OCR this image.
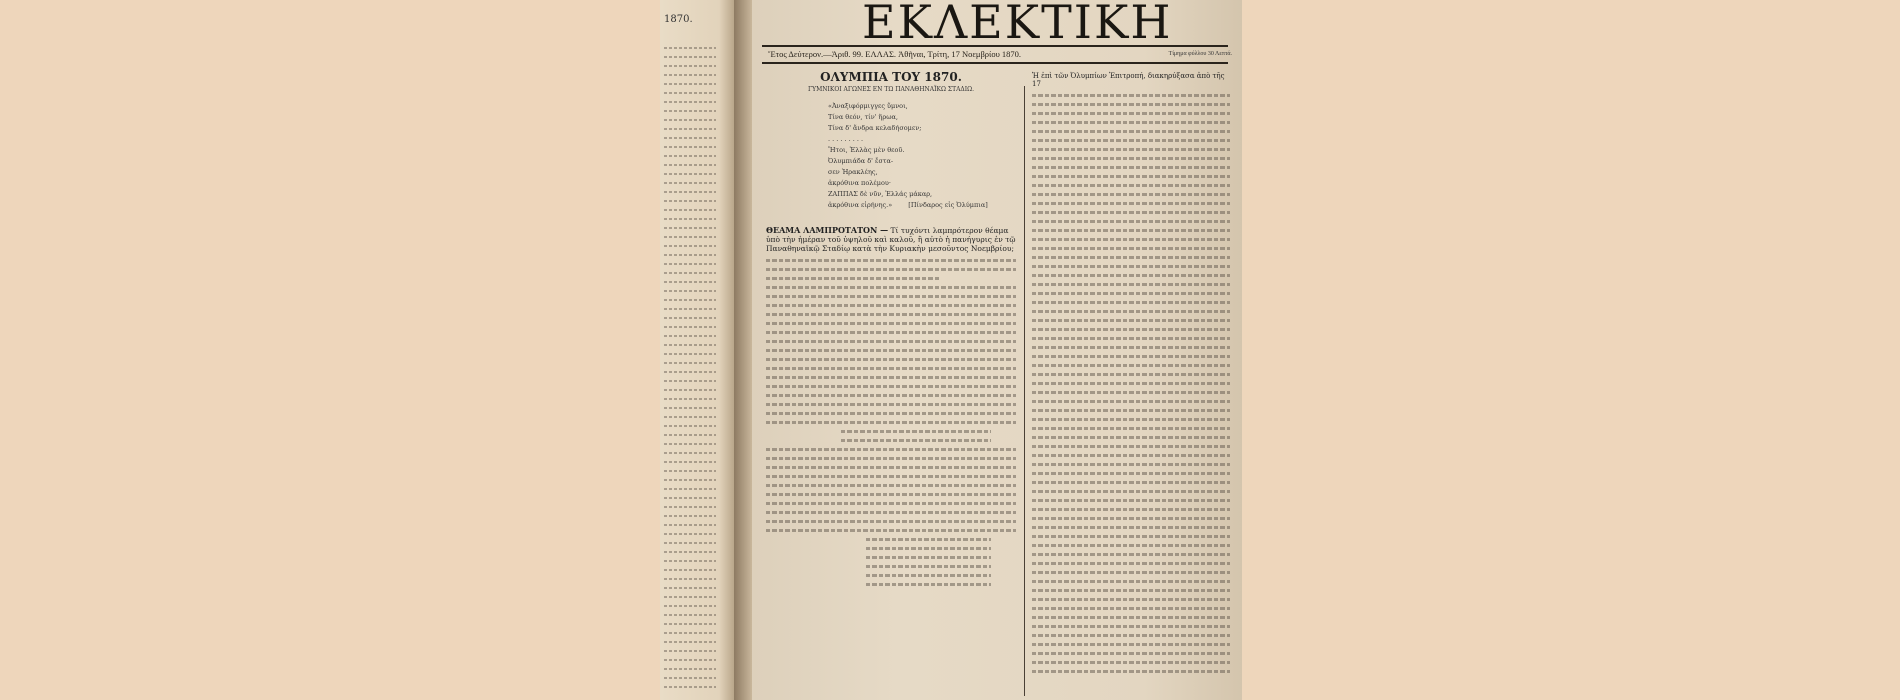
1870.	ΕΚΛΕΚΤΙΚΗ
Ἔτος Δεύτερον.—Ἀριθ. 99. ΕΛΛΑΣ. Ἀθῆναι, Τρίτη, 17 Νοεμβρίου 1870.	Τίμημα φύλλου 30 Λεπτά.
ΟΛΥΜΠΙΑ ΤΟΥ 1870.
ΓΥΜΝΙΚΟΙ ΑΓΩΝΕΣ ΕΝ ΤΩ ΠΑΝΑΘΗΝΑΪΚΩ ΣΤΑΔΙΩ.
«Ἀναξιφόρμιγγες ὕμνοι,
Τίνα θεόν, τίν' ἥρωα,
Τίνα δ' ἄνδρα κελαδήσομεν;
. . . . . . . . .
Ἤτοι, Ἑλλὰς μὲν θεοῦ.
Ὀλυμπιάδα δ' ἔστα-
σεν Ἡρακλέης,
ἀκρόθινα πολέμου·
ΖΑΠΠΑΣ δὲ νῦν, Ἑλλάς μάκαρ,
ἀκρόθινα εἰρήνης.» [Πίνδαρος εἰς Ὀλύμπια]
ΘΕΑΜΑ ΛΑΜΠΡΟΤΑΤΟΝ — Τί τυχόντι λαμπρότερον θέαμα ὑπὸ τὴν ἡμέραν τοῦ ὑψηλοῦ καὶ καλοῦ, ἢ αὐτὸ ἡ πανήγυρις ἐν τῷ Παναθηναϊκῷ Σταδίῳ κατὰ τὴν Κυριακὴν μεσοῦντος Νοεμβρίου;
Ἡ ἐπὶ τῶν Ὀλυμπίων Ἐπιτροπή, διακηρύξασα ἀπὸ τῆς 17
